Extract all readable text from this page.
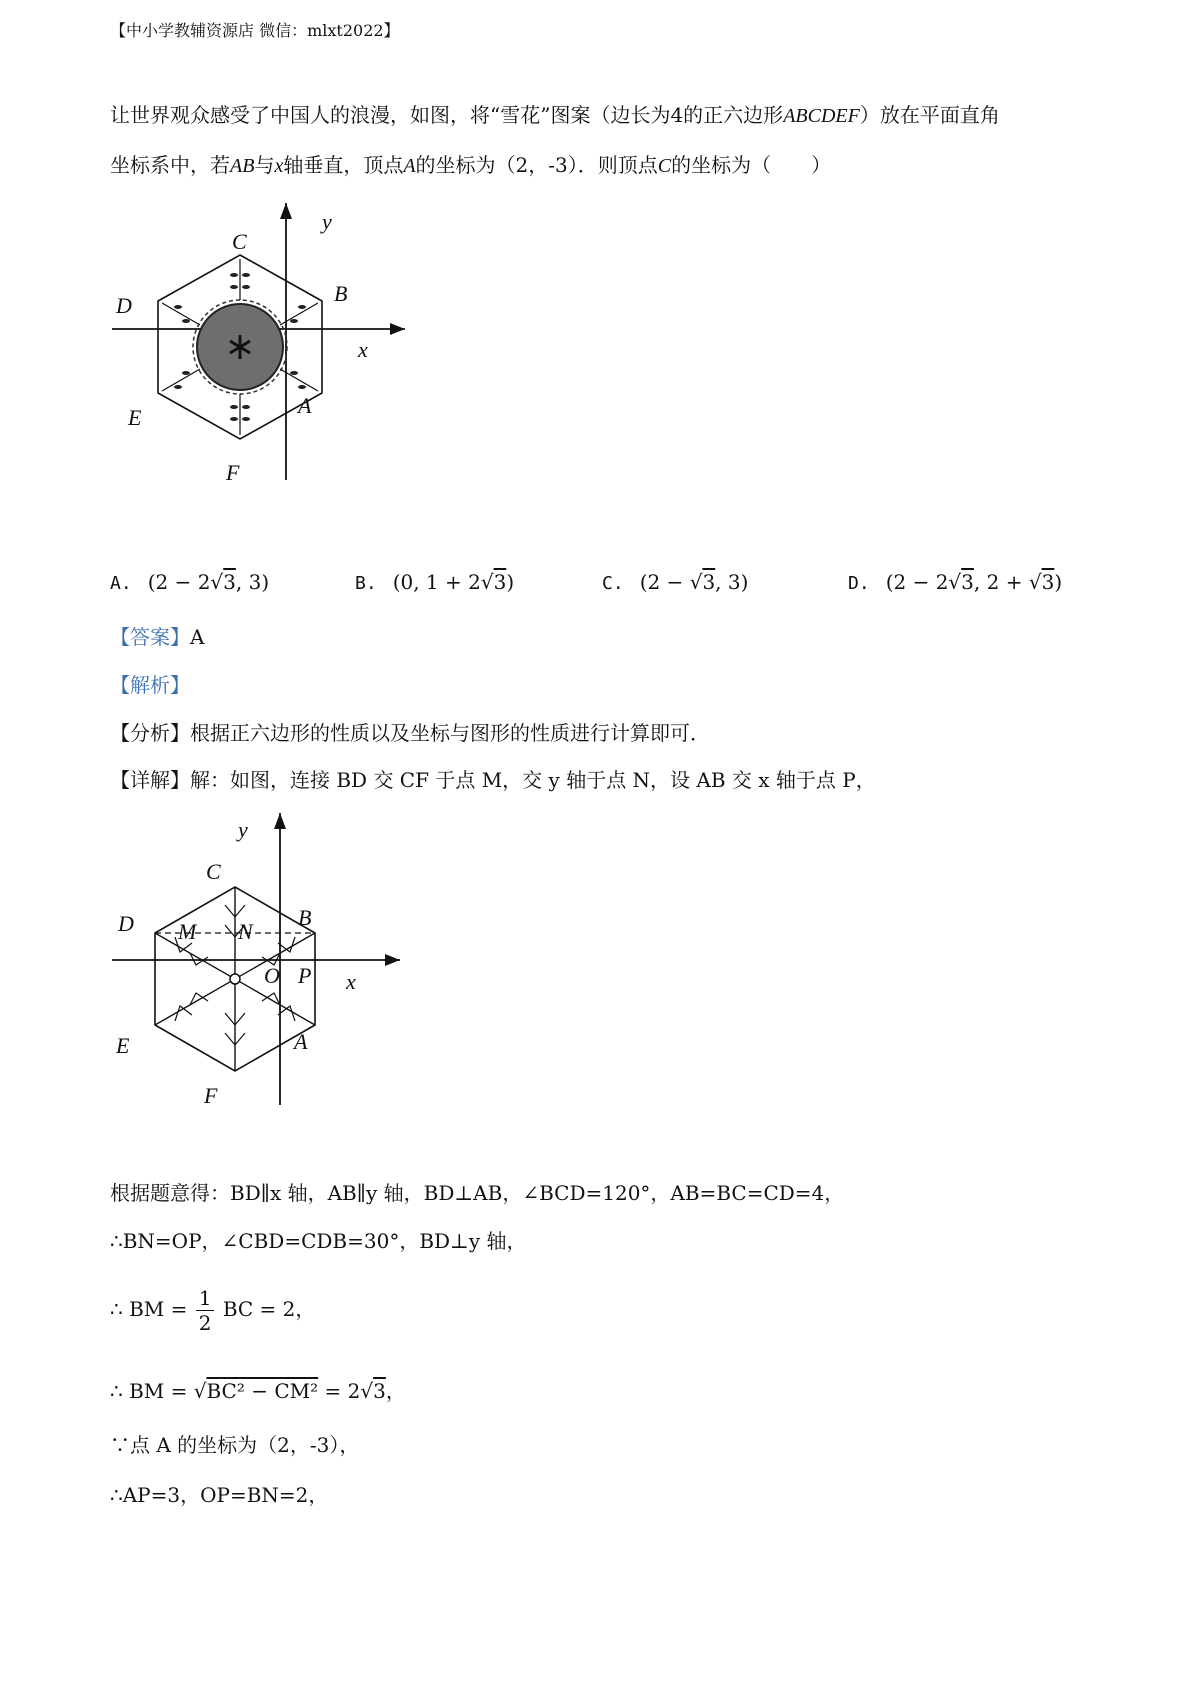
【中小学教辅资源店 微信：mlxt2022】
让世界观众感受了中国人的浪漫，如图，将“雪花”图案（边长为4的正六边形ABCDEF）放在平面直角
坐标系中，若AB与x轴垂直，顶点A的坐标为（2，-3）．则顶点C的坐标为（　　）
y
x
C
B
D
A
E
F
A. (2 − 2√3, 3)	B. (0, 1 + 2√3)	C. (2 − √3, 3)	D. (2 − 2√3, 2 + √3)
【答案】A
【解析】
【分析】根据正六边形的性质以及坐标与图形的性质进行计算即可．
【详解】解：如图，连接 BD 交 CF 于点 M，交 y 轴于点 N，设 AB 交 x 轴于点 P，
y
x
C
B
D M N
O P
A
E
F
根据题意得：BD∥x 轴，AB∥y 轴，BD⊥AB，∠BCD=120°，AB=BC=CD=4，
∴BN=OP，∠CBD=CDB=30°，BD⊥y 轴，
∴ BM = $\frac{1}{2}$ BC = 2，
∴ BM = √BC² − CM² = 2√3，
∵点 A 的坐标为（2，-3），
∴AP=3，OP=BN=2，
